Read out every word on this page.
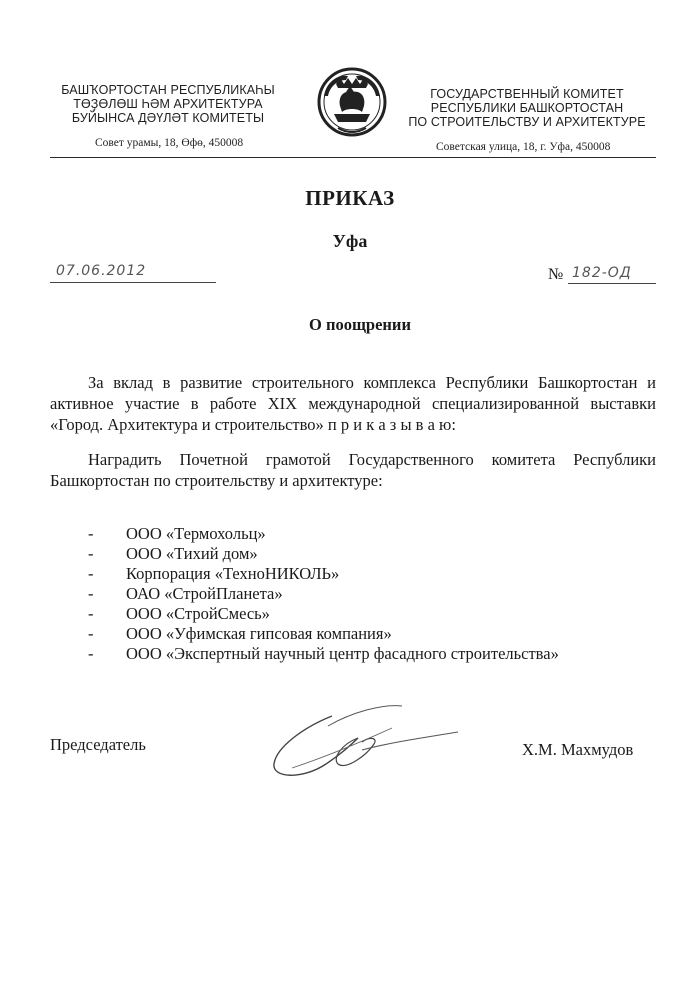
БАШҠОРТОСТАН РЕСПУБЛИКАҺЫ
ТӨҘӨЛӨШ ҺӘМ АРХИТЕКТУРА
БУЙЫНСА ДӘҮЛӘТ КОМИТЕТЫ
Совет урамы, 18, Өфө, 450008
ГОСУДАРСТВЕННЫЙ КОМИТЕТ
РЕСПУБЛИКИ БАШКОРТОСТАН
ПО СТРОИТЕЛЬСТВУ И АРХИТЕКТУРЕ
Советская улица, 18, г. Уфа, 450008
ПРИКАЗ
Уфа
07.06.2012	№ 182-ОД
О поощрении
За вклад в развитие строительного комплекса Республики Башкортостан и активное участие в работе XIX международной специализированной выставки «Город. Архитектура и строительство» п р и к а з ы в а ю:
Наградить Почетной грамотой Государственного комитета Республики Башкортостан по строительству и архитектуре:
- ООО «Термохольц»
- ООО «Тихий дом»
- Корпорация «ТехноНИКОЛЬ»
- ОАО «СтройПланета»
- ООО «СтройСмесь»
- ООО «Уфимская гипсовая компания»
- ООО «Экспертный научный центр фасадного строительства»
Председатель	Х.М. Махмудов
